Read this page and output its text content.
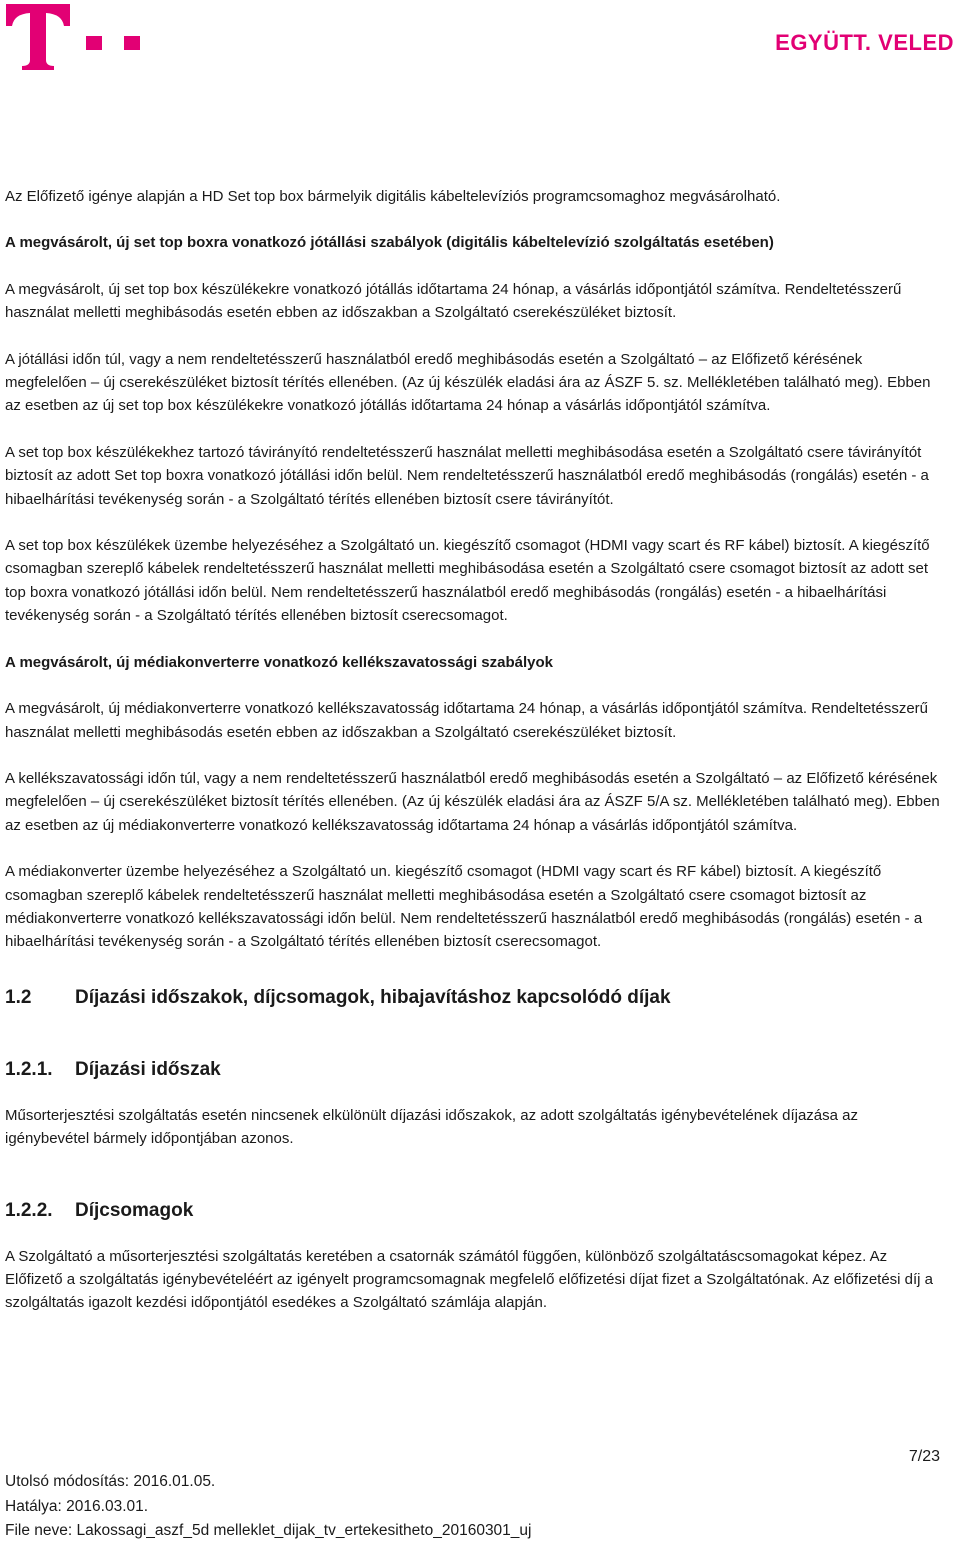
EGYÜTT. VELED

Az Előfizető igénye alapján a HD Set top box bármelyik digitális kábeltelevíziós programcsomaghoz megvásárolható.

A megvásárolt, új set top boxra vonatkozó jótállási szabályok (digitális kábeltelevízió szolgáltatás esetében)

A megvásárolt, új set top box készülékekre vonatkozó jótállás időtartama 24 hónap, a vásárlás időpontjától számítva. Rendeltetésszerű használat melletti meghibásodás esetén ebben az időszakban a Szolgáltató cserekészüléket biztosít.

A jótállási időn túl, vagy a nem rendeltetésszerű használatból eredő meghibásodás esetén a Szolgáltató – az Előfizető kérésének megfelelően – új cserekészüléket biztosít térítés ellenében. (Az új készülék eladási ára az ÁSZF 5. sz. Mellékletében található meg). Ebben az esetben az új set top box készülékekre vonatkozó jótállás időtartama 24 hónap a vásárlás időpontjától számítva.

A set top box készülékekhez tartozó távirányító rendeltetésszerű használat melletti meghibásodása esetén a Szolgáltató csere távirányítót biztosít az adott Set top boxra vonatkozó jótállási időn belül. Nem rendeltetésszerű használatból eredő meghibásodás (rongálás) esetén - a hibaelhárítási tevékenység során - a Szolgáltató térítés ellenében biztosít csere távirányítót.

A set top box készülékek üzembe helyezéséhez a Szolgáltató un. kiegészítő csomagot (HDMI vagy scart és RF kábel) biztosít. A kiegészítő csomagban szereplő kábelek rendeltetésszerű használat melletti meghibásodása esetén a Szolgáltató csere csomagot biztosít az adott set top boxra vonatkozó jótállási időn belül. Nem rendeltetésszerű használatból eredő meghibásodás (rongálás) esetén - a hibaelhárítási tevékenység során - a Szolgáltató térítés ellenében biztosít cserecsomagot.

A megvásárolt, új médiakonverterre vonatkozó kellékszavatossági szabályok

A megvásárolt, új médiakonverterre vonatkozó kellékszavatosság időtartama 24 hónap, a vásárlás időpontjától számítva. Rendeltetésszerű használat melletti meghibásodás esetén ebben az időszakban a Szolgáltató cserekészüléket biztosít.

A kellékszavatossági időn túl, vagy a nem rendeltetésszerű használatból eredő meghibásodás esetén a Szolgáltató – az Előfizető kérésének megfelelően – új cserekészüléket biztosít térítés ellenében. (Az új készülék eladási ára az ÁSZF 5/A sz. Mellékletében található meg). Ebben az esetben az új médiakonverterre vonatkozó kellékszavatosság időtartama 24 hónap a vásárlás időpontjától számítva.

A médiakonverter üzembe helyezéséhez a Szolgáltató un. kiegészítő csomagot (HDMI vagy scart és RF kábel) biztosít. A kiegészítő csomagban szereplő kábelek rendeltetésszerű használat melletti meghibásodása esetén a Szolgáltató csere csomagot biztosít az médiakonverterre vonatkozó kellékszavatossági időn belül. Nem rendeltetésszerű használatból eredő meghibásodás (rongálás) esetén - a hibaelhárítási tevékenység során - a Szolgáltató térítés ellenében biztosít cserecsomagot.

1.2 Díjazási időszakok, díjcsomagok, hibajavításhoz kapcsolódó díjak
1.2.1. Díjazási időszak

Műsorterjesztési szolgáltatás esetén nincsenek elkülönült díjazási időszakok, az adott szolgáltatás igénybevételének díjazása az igénybevétel bármely időpontjában azonos.

1.2.2. Díjcsomagok

A Szolgáltató a műsorterjesztési szolgáltatás keretében a csatornák számától függően, különböző szolgáltatáscsomagokat képez. Az Előfizető a szolgáltatás igénybevételéért az igényelt programcsomagnak megfelelő előfizetési díjat fizet a Szolgáltatónak. Az előfizetési díj a szolgáltatás igazolt kezdési időpontjától esedékes a Szolgáltató számlája alapján.

7/23
Utolsó módosítás: 2016.01.05.
Hatálya: 2016.03.01.
File neve: Lakossagi_aszf_5d melleklet_dijak_tv_ertekesitheto_20160301_uj
